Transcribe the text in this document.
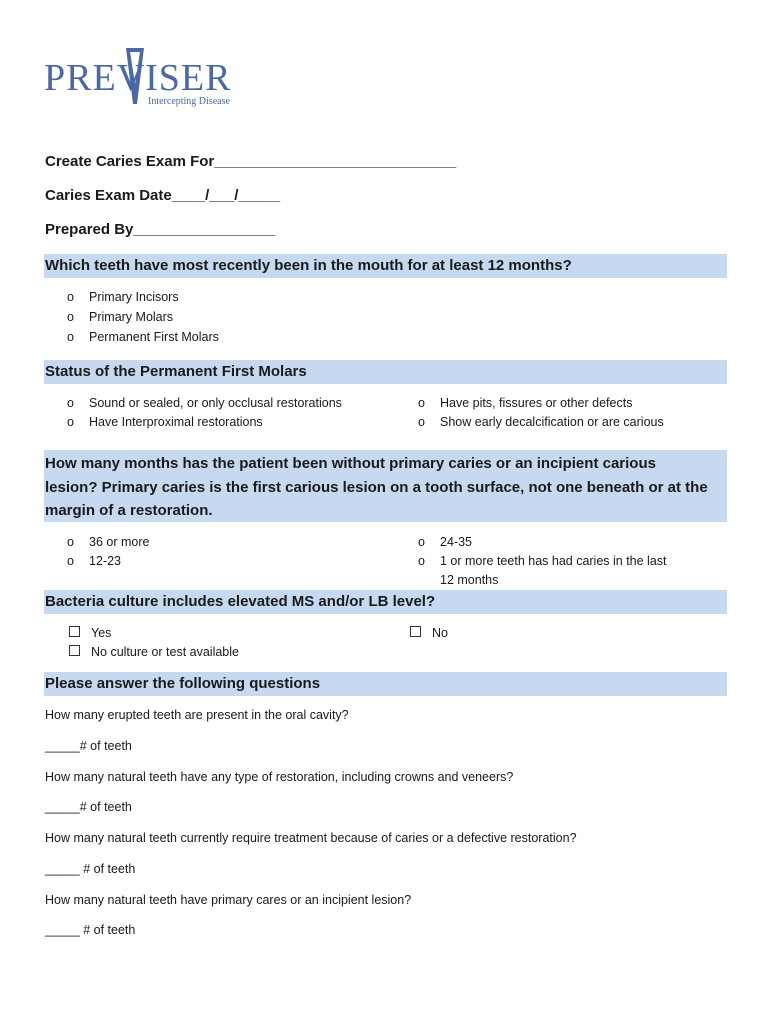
PREVISER
Intercepting Disease
Create Caries Exam For_____________________________
Caries Exam Date____/___/_____
Prepared By_________________
Which teeth have most recently been in the mouth for at least 12 months?
o Primary Incisors
o Primary Molars
o Permanent First Molars
Status of the Permanent First Molars
o Sound or sealed, or only occlusal restorations
o Have Interproximal restorations
o Have pits, fissures or other defects
o Show early decalcification or are carious
How many months has the patient been without primary caries or an incipient carious
lesion? Primary caries is the first carious lesion on a tooth surface, not one beneath or at the
margin of a restoration.
o 36 or more
o 12-23
o 24-35
o 1 or more teeth has had caries in the last
12 months
Bacteria culture includes elevated MS and/or LB level?
Yes
No culture or test available
No
Please answer the following questions
How many erupted teeth are present in the oral cavity?
_____# of teeth
How many natural teeth have any type of restoration, including crowns and veneers?
_____# of teeth
How many natural teeth currently require treatment because of caries or a defective restoration?
_____ # of teeth
How many natural teeth have primary cares or an incipient lesion?
_____ # of teeth
